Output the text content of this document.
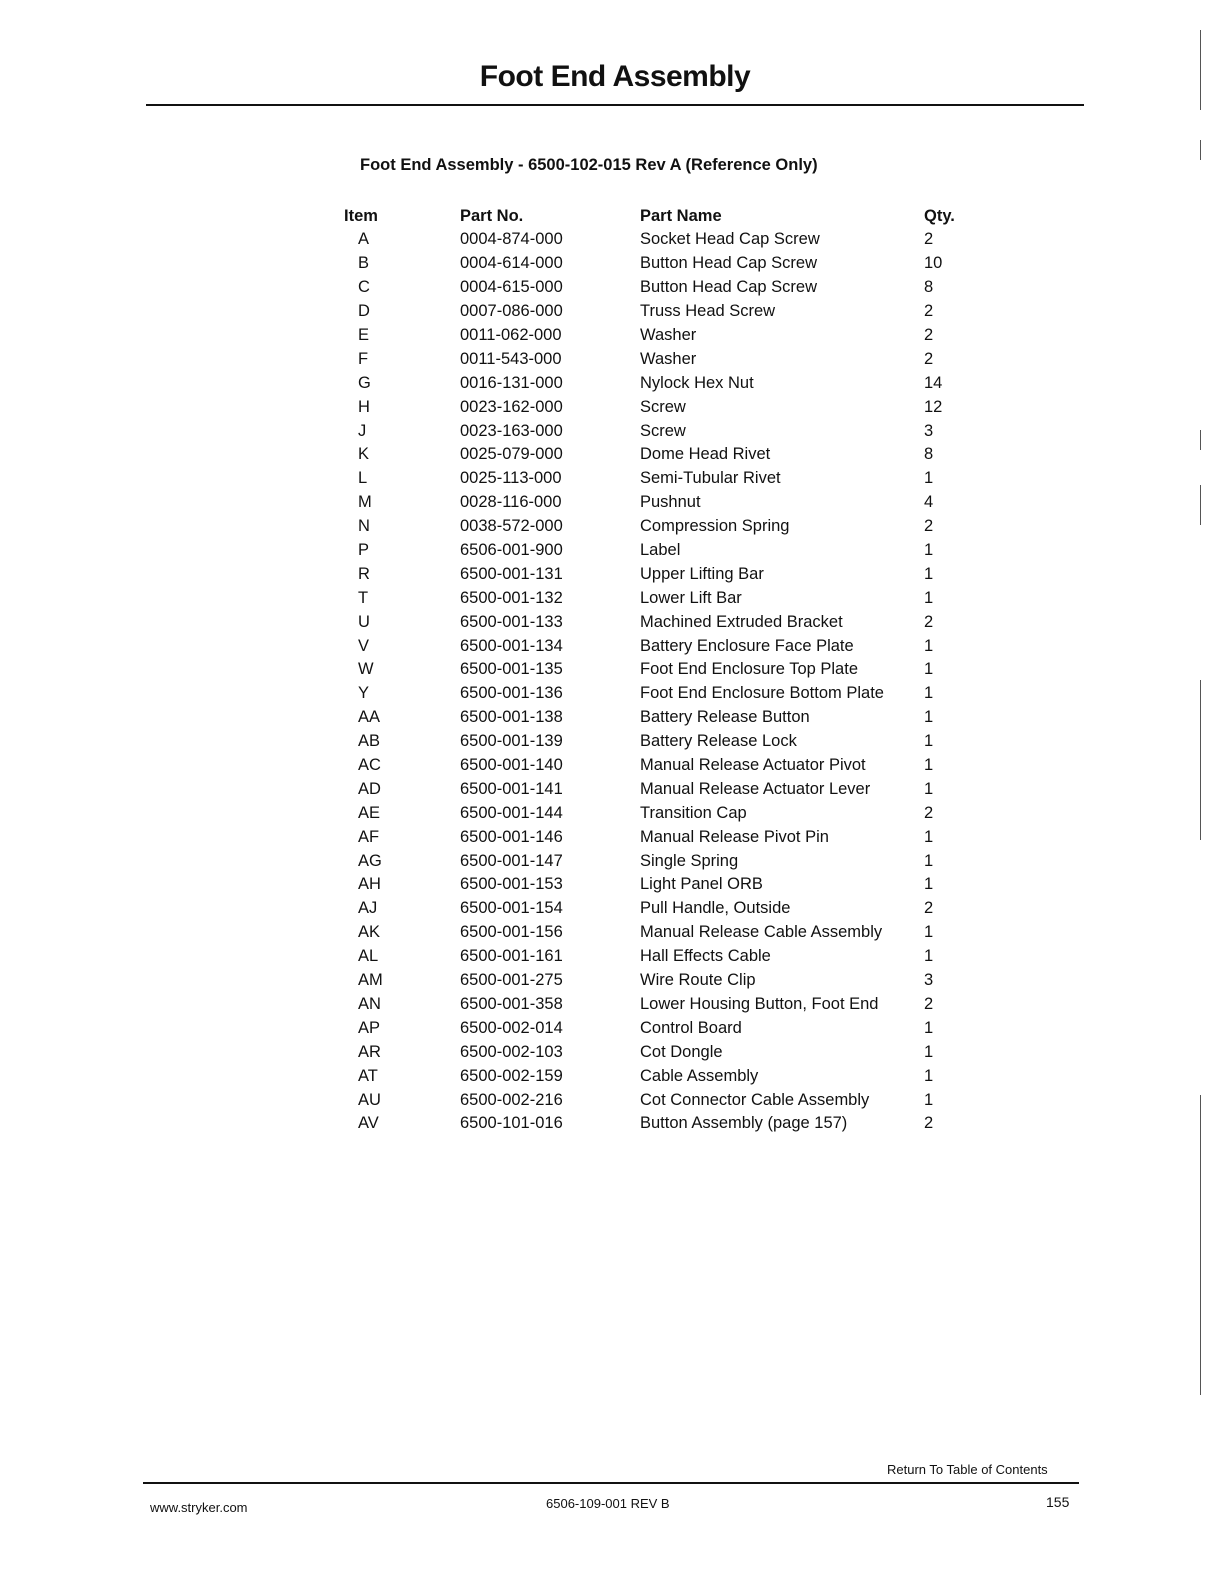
Foot End Assembly
Foot End Assembly - 6500-102-015 Rev A (Reference Only)
Item	Part No.	Part Name	Qty.
A	0004-874-000	Socket Head Cap Screw	2
B	0004-614-000	Button Head Cap Screw	10
C	0004-615-000	Button Head Cap Screw	8
D	0007-086-000	Truss Head Screw	2
E	0011-062-000	Washer	2
F	0011-543-000	Washer	2
G	0016-131-000	Nylock Hex Nut	14
H	0023-162-000	Screw	12
J	0023-163-000	Screw	3
K	0025-079-000	Dome Head Rivet	8
L	0025-113-000	Semi-Tubular Rivet	1
M	0028-116-000	Pushnut	4
N	0038-572-000	Compression Spring	2
P	6506-001-900	Label	1
R	6500-001-131	Upper Lifting Bar	1
T	6500-001-132	Lower Lift Bar	1
U	6500-001-133	Machined Extruded Bracket	2
V	6500-001-134	Battery Enclosure Face Plate	1
W	6500-001-135	Foot End Enclosure Top Plate	1
Y	6500-001-136	Foot End Enclosure Bottom Plate	1
AA	6500-001-138	Battery Release Button	1
AB	6500-001-139	Battery Release Lock	1
AC	6500-001-140	Manual Release Actuator Pivot	1
AD	6500-001-141	Manual Release Actuator Lever	1
AE	6500-001-144	Transition Cap	2
AF	6500-001-146	Manual Release Pivot Pin	1
AG	6500-001-147	Single Spring	1
AH	6500-001-153	Light Panel ORB	1
AJ	6500-001-154	Pull Handle, Outside	2
AK	6500-001-156	Manual Release Cable Assembly	1
AL	6500-001-161	Hall Effects Cable	1
AM	6500-001-275	Wire Route Clip	3
AN	6500-001-358	Lower Housing Button, Foot End	2
AP	6500-002-014	Control Board	1
AR	6500-002-103	Cot Dongle	1
AT	6500-002-159	Cable Assembly	1
AU	6500-002-216	Cot Connector Cable Assembly	1
AV	6500-101-016	Button Assembly (page 157)	2
Return To Table of Contents
www.stryker.com	6506-109-001 REV B	155
